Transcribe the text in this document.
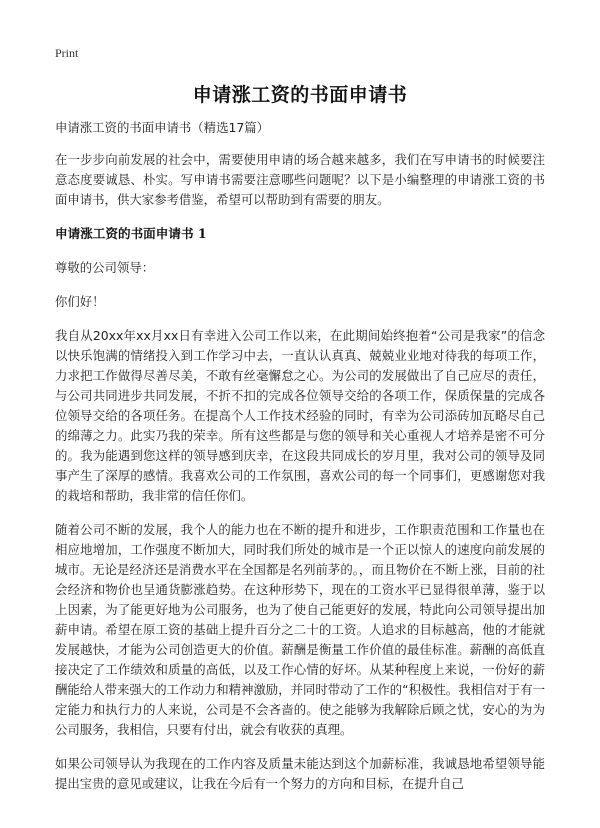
Print
申请涨工资的书面申请书

申请涨工资的书面申请书（精选17篇）

在一步步向前发展的社会中，需要使用申请的场合越来越多，我们在写申请书的时候要注意态度要诚恳、朴实。写申请书需要注意哪些问题呢？以下是小编整理的申请涨工资的书面申请书，供大家参考借鉴，希望可以帮助到有需要的朋友。

申请涨工资的书面申请书 1

尊敬的公司领导：

你们好！

我自从20xx年xx月xx日有幸进入公司工作以来，在此期间始终抱着“公司是我家”的信念以快乐饱满的情绪投入到工作学习中去，一直认认真真、兢兢业业地对待我的每项工作，力求把工作做得尽善尽美，不敢有丝毫懈怠之心。为公司的发展做出了自己应尽的责任，与公司共同进步共同发展，不折不扣的完成各位领导交给的各项工作，保质保量的完成各位领导交给的各项任务。在提高个人工作技术经验的同时，有幸为公司添砖加瓦略尽自己的绵薄之力。此实乃我的荣幸。所有这些都是与您的领导和关心重视人才培养是密不可分的。我为能遇到您这样的领导感到庆幸，在这段共同成长的岁月里，我对公司的领导及同事产生了深厚的感情。我喜欢公司的工作氛围，喜欢公司的每一个同事们，更感谢您对我的栽培和帮助，我非常的信任你们。

随着公司不断的发展，我个人的能力也在不断的提升和进步，工作职责范围和工作量也在相应地增加，工作强度不断加大，同时我们所处的城市是一个正以惊人的速度向前发展的城市。无论是经济还是消费水平在全国都是名列前茅的。，而且物价在不断上涨，目前的社会经济和物价也呈通货膨涨趋势。在这种形势下，现在的工资水平已显得很单薄，鉴于以上因素，为了能更好地为公司服务，也为了使自己能更好的发展，特此向公司领导提出加薪申请。希望在原工资的基础上提升百分之二十的工资。人追求的目标越高，他的才能就发展越快，才能为公司创造更大的价值。薪酬是衡量工作价值的最佳标准。薪酬的高低直接决定了工作绩效和质量的高低，以及工作心情的好坏。从某种程度上来说，一份好的薪酬能给人带来强大的工作动力和精神激励，并同时带动了工作的“积极性。我相信对于有一定能力和执行力的人来说，公司是不会吝啬的。使之能够为我解除后顾之忧，安心的为为公司服务，我相信，只要有付出，就会有收获的真理。

如果公司领导认为我现在的工作内容及质量未能达到这个加薪标准，我诚恳地希望领导能提出宝贵的意见或建议，让我在今后有一个努力的方向和目标，在提升自己
